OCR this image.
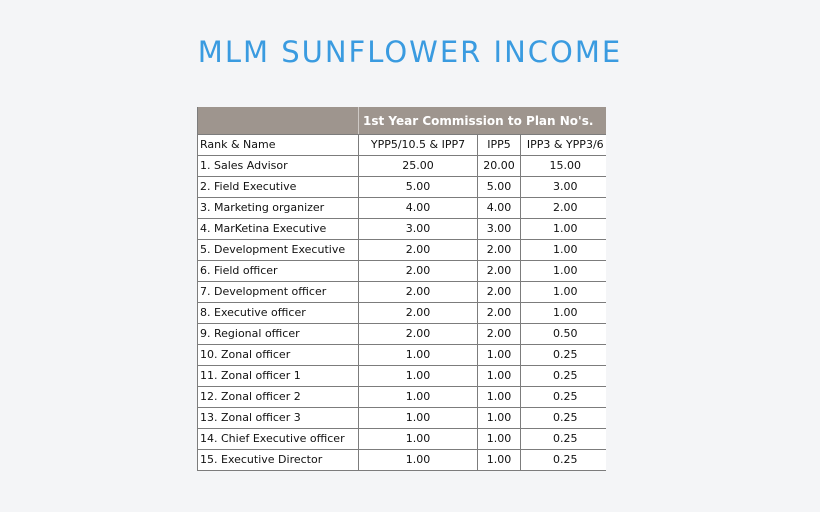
MLM SUNFLOWER INCOME
	1st Year Commission to Plan No's.		
Rank & Name	YPP5/10.5 & IPP7	IPP5	IPP3 & YPP3/6
1. Sales Advisor	25.00	20.00	15.00
2. Field Executive	5.00	5.00	3.00
3. Marketing organizer	4.00	4.00	2.00
4. MarKetina Executive	3.00	3.00	1.00
5. Development Executive	2.00	2.00	1.00
6. Field officer	2.00	2.00	1.00
7. Development officer	2.00	2.00	1.00
8. Executive officer	2.00	2.00	1.00
9. Regional officer	2.00	2.00	0.50
10. Zonal officer	1.00	1.00	0.25
11. Zonal officer 1	1.00	1.00	0.25
12. Zonal officer 2	1.00	1.00	0.25
13. Zonal officer 3	1.00	1.00	0.25
14. Chief Executive officer	1.00	1.00	0.25
15. Executive Director	1.00	1.00	0.25
